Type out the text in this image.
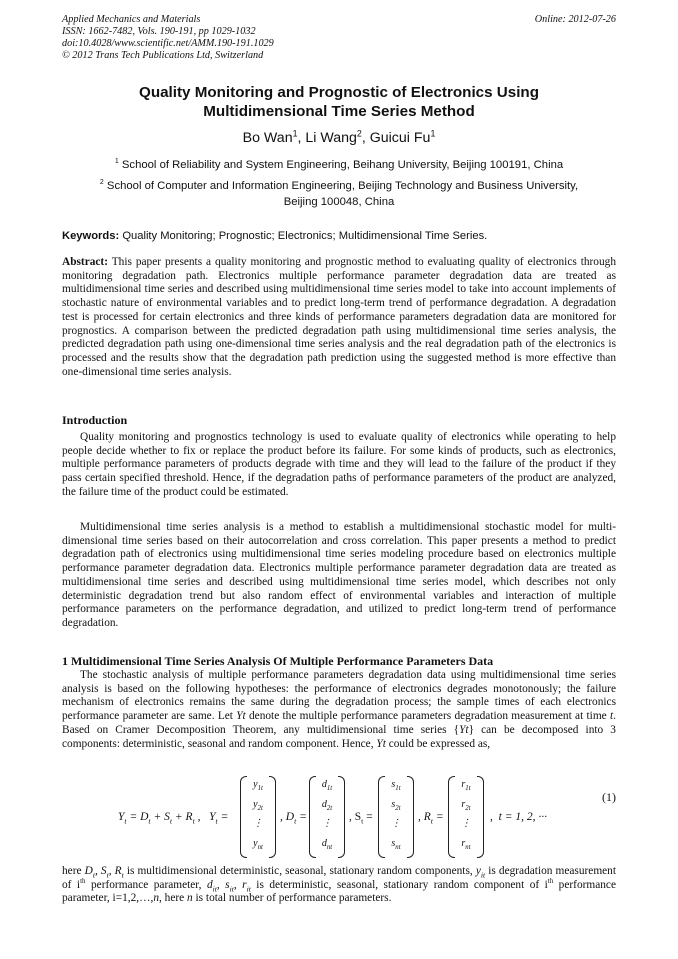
Applied Mechanics and Materials	Online: 2012-07-26
ISSN: 1662-7482, Vols. 190-191, pp 1029-1032
doi:10.4028/www.scientific.net/AMM.190-191.1029
© 2012 Trans Tech Publications Ltd, Switzerland
Quality Monitoring and Prognostic of Electronics Using
Multidimensional Time Series Method
Bo Wan$^1$, Li Wang$^2$, Guicui Fu$^1$
$^1$ School of Reliability and System Engineering, Beihang University, Beijing 100191, China
$^2$ School of Computer and Information Engineering, Beijing Technology and Business University,
Beijing 100048, China
Keywords: Quality Monitoring; Prognostic; Electronics; Multidimensional Time Series.
Abstract: This paper presents a quality monitoring and prognostic method to evaluating quality of electronics through monitoring degradation path. Electronics multiple performance parameter degradation data are treated as multidimensional time series and described using multidimensional time series model to take into account implements of stochastic nature of environmental variables and to predict long-term trend of performance degradation. A degradation test is processed for certain electronics and three kinds of performance parameters degradation data are monitored for prognostics. A comparison between the predicted degradation path using multidimensional time series analysis, the predicted degradation path using one-dimensional time series analysis and the real degradation path of the electronics is processed and the results show that the degradation path prediction using the suggested method is more effective than one-dimensional time series analysis.
Introduction

Quality monitoring and prognostics technology is used to evaluate quality of electronics while operating to help people decide whether to fix or replace the product before its failure. For some kinds of products, such as electronics, multiple performance parameters of products degrade with time and they will lead to the failure of the product if they pass certain specified threshold. Hence, if the degradation paths of performance parameters of the product are analyzed, the failure time of the product could be estimated.

Multidimensional time series analysis is a method to establish a multidimensional stochastic model for multi-dimensional time series based on their autocorrelation and cross correlation. This paper presents a method to predict degradation path of electronics using multidimensional time series modeling procedure based on electronics multiple performance parameter degradation data. Electronics multiple performance parameter degradation data are treated as multidimensional time series and described using multidimensional time series model, which describes not only deterministic degradation trend but also random effect of environmental variables and interaction of multiple performance parameters on the performance degradation, and utilized to predict long-term trend of performance degradation.

1 Multidimensional Time Series Analysis Of Multiple Performance Parameters Data

The stochastic analysis of multiple performance parameters degradation data using multidimensional time series analysis is based on the following hypotheses: the performance of electronics degrades monotonously; the failure mechanism of electronics remains the same during the degradation process; the sample times of each electronics performance parameter are same. Let Yt denote the multiple performance parameters degradation measurement at time t. Based on Cramer Decomposition Theorem, any multidimensional time series {Yt} can be decomposed into 3 components: deterministic, seasonal and random component. Hence, Yt could be expressed as,

$Y_t = D_t + S_t + R_t$ ,   $Y_t$ =
$y_{1t}$
$y_{2t}$
⋮
$y_{nt}$
, $D_t$ =
$d_{1t}$
$d_{2t}$
⋮
$d_{nt}$
, $S_t$ =
$s_{1t}$
$s_{2t}$
⋮
$s_{nt}$
, $R_t$ =
$r_{1t}$
$r_{2t}$
⋮
$r_{nt}$
,  t = 1, 2, ···
(1)

here $D_t$, $S_t$, $R_t$ is multidimensional deterministic, seasonal, stationary random components, $y_{it}$ is degradation measurement of $i^{th}$ performance parameter, $d_{it}$, $s_{it}$, $r_{it}$ is deterministic, seasonal, stationary random component of $i^{th}$ performance parameter, i=1,2,…,n, here n is total number of performance parameters.
